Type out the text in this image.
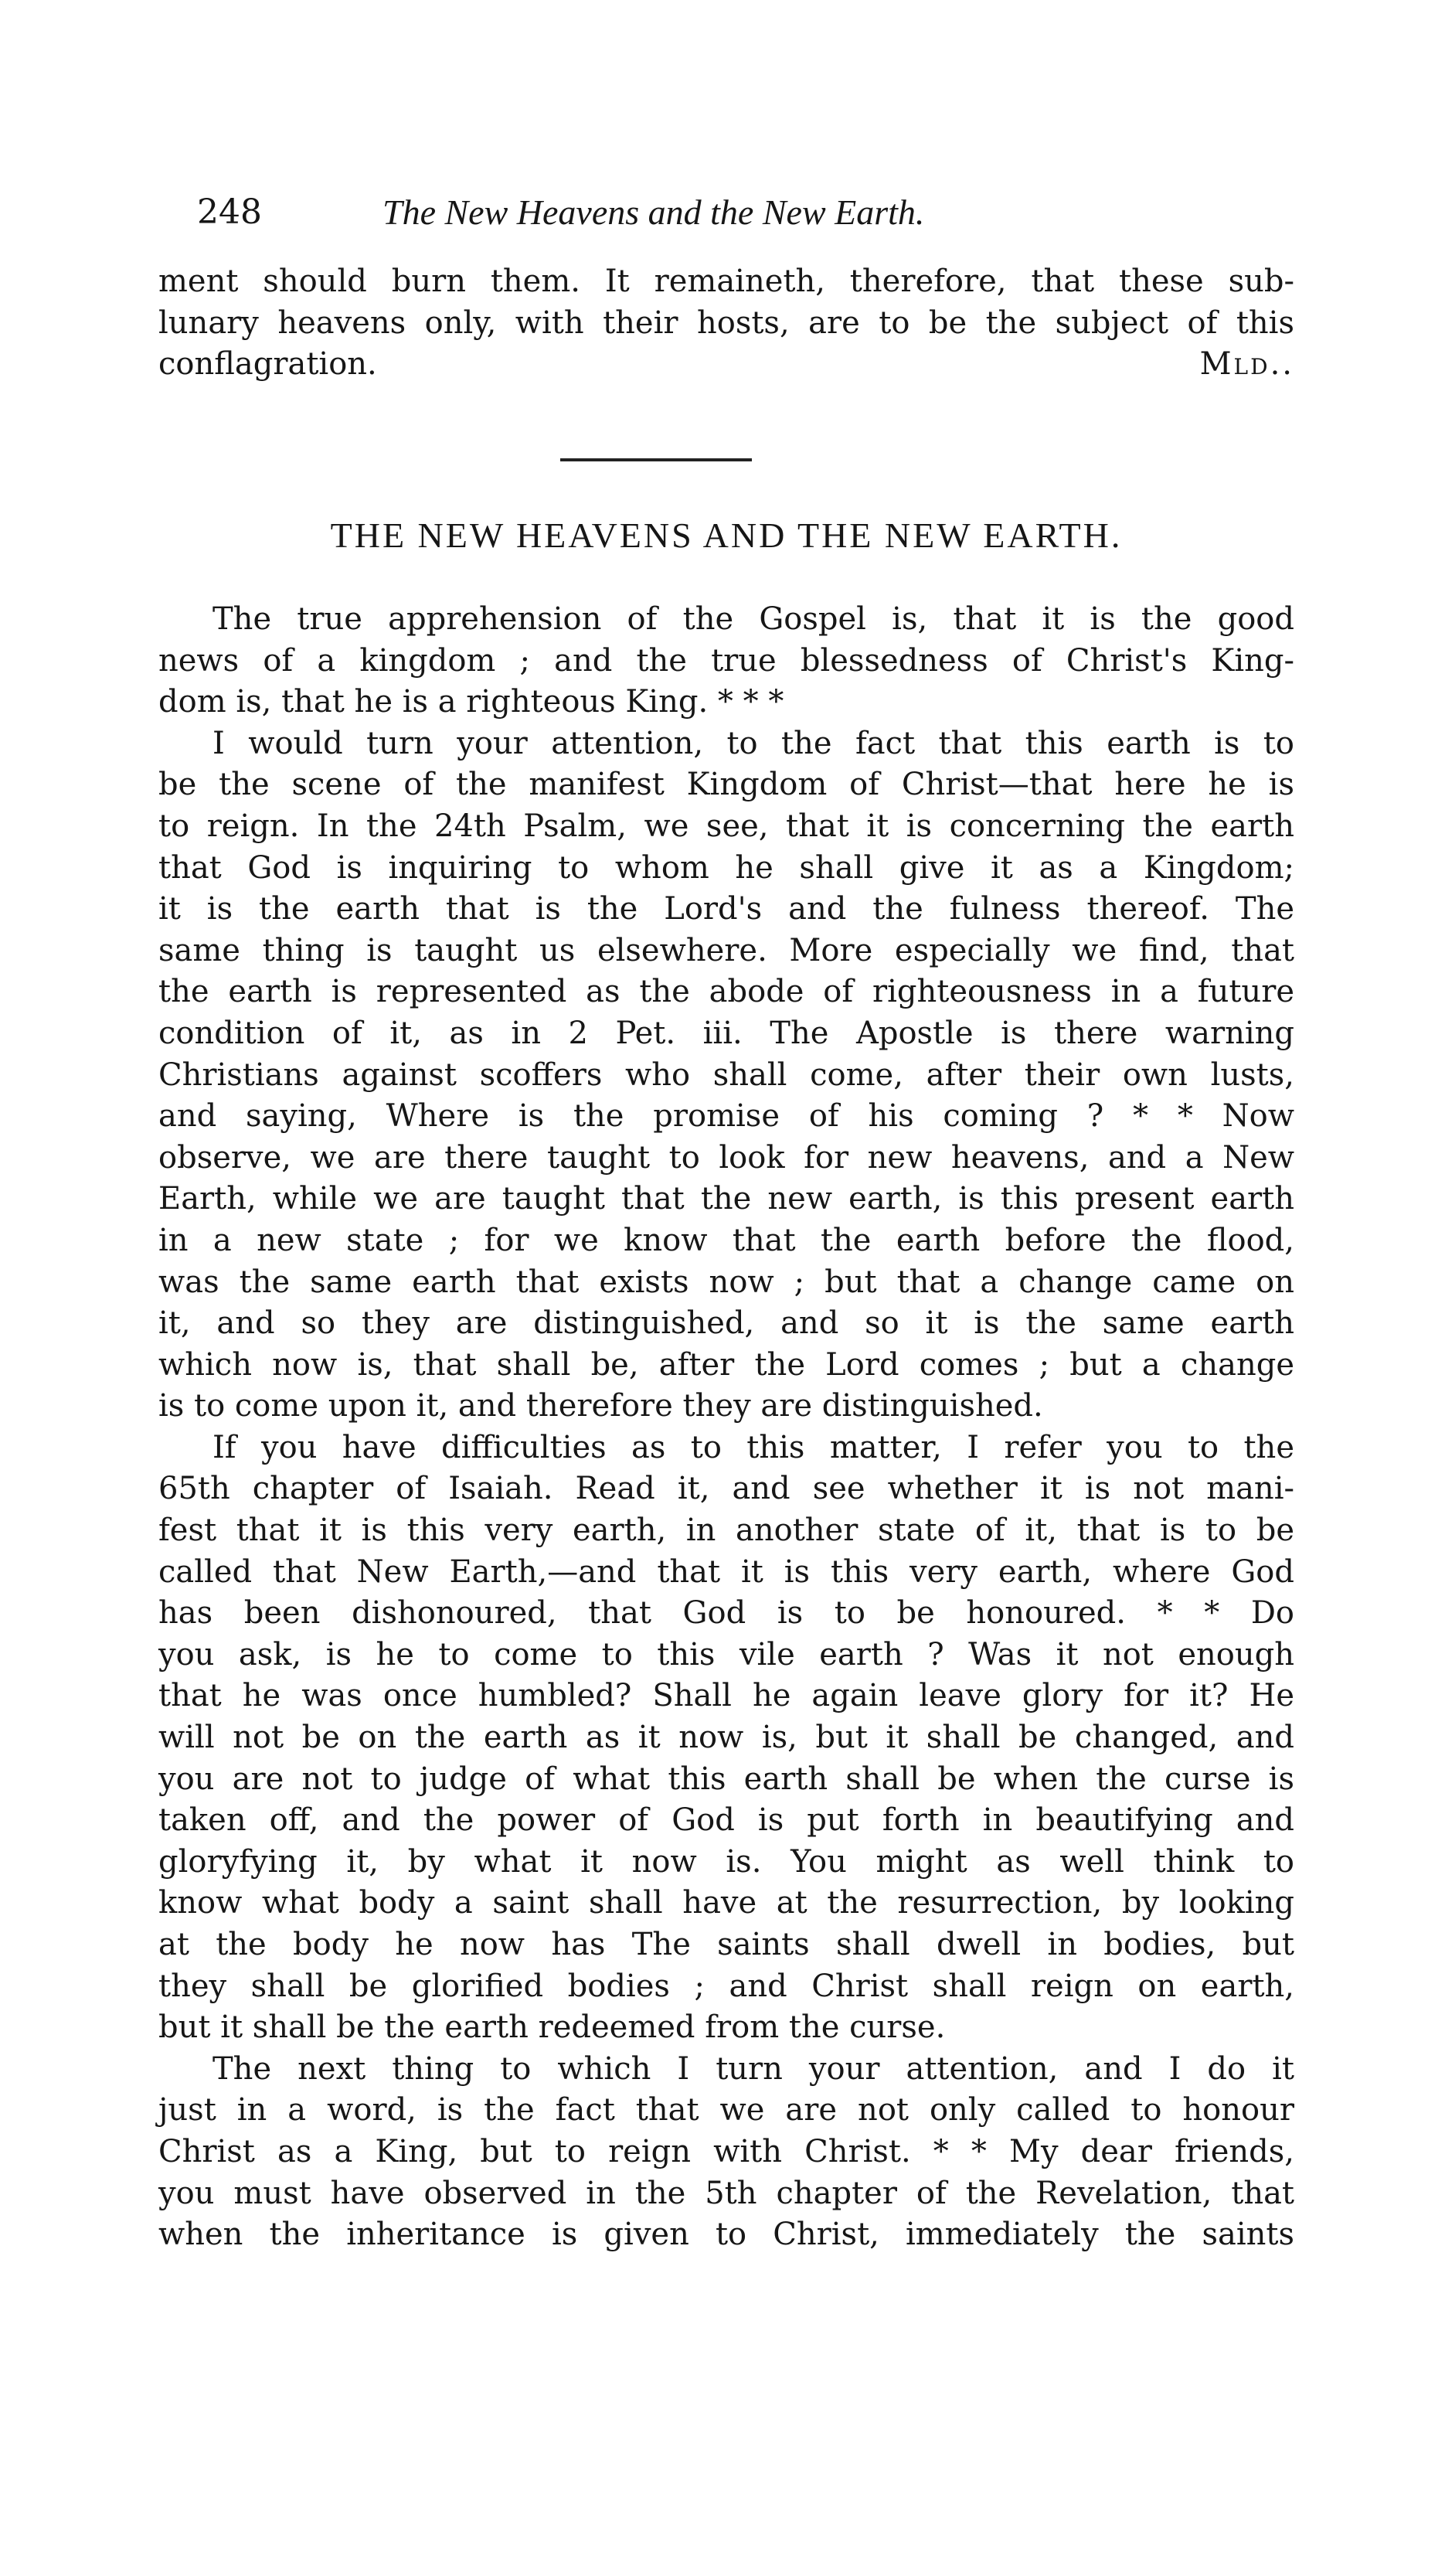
248	The New Heavens and the New Earth.
ment should burn them. It remaineth, therefore, that these sub-
lunary heavens only, with their hosts, are to be the subject of this
conflagration.	Mld..
THE NEW HEAVENS AND THE NEW EARTH.
The true apprehension of the Gospel is, that it is the good
news of a kingdom ; and the true blessedness of Christ's King-
dom is, that he is a righteous King. * * *
I would turn your attention, to the fact that this earth is to
be the scene of the manifest Kingdom of Christ—that here he is
to reign. In the 24th Psalm, we see, that it is concerning the earth
that God is inquiring to whom he shall give it as a Kingdom;
it is the earth that is the Lord's and the fulness thereof. The
same thing is taught us elsewhere. More especially we find, that
the earth is represented as the abode of righteousness in a future
condition of it, as in 2 Pet. iii. The Apostle is there warning
Christians against scoffers who shall come, after their own lusts,
and saying, Where is the promise of his coming ? * * Now
observe, we are there taught to look for new heavens, and a New
Earth, while we are taught that the new earth, is this present earth
in a new state ; for we know that the earth before the flood,
was the same earth that exists now ; but that a change came on
it, and so they are distinguished, and so it is the same earth
which now is, that shall be, after the Lord comes ; but a change
is to come upon it, and therefore they are distinguished.
If you have difficulties as to this matter, I refer you to the
65th chapter of Isaiah. Read it, and see whether it is not mani-
fest that it is this very earth, in another state of it, that is to be
called that New Earth,—and that it is this very earth, where God
has been dishonoured, that God is to be honoured. * * Do
you ask, is he to come to this vile earth ? Was it not enough
that he was once humbled? Shall he again leave glory for it? He
will not be on the earth as it now is, but it shall be changed, and
you are not to judge of what this earth shall be when the curse is
taken off, and the power of God is put forth in beautifying and
gloryfying it, by what it now is. You might as well think to
know what body a saint shall have at the resurrection, by looking
at the body he now has The saints shall dwell in bodies, but
they shall be glorified bodies ; and Christ shall reign on earth,
but it shall be the earth redeemed from the curse.
The next thing to which I turn your attention, and I do it
just in a word, is the fact that we are not only called to honour
Christ as a King, but to reign with Christ. * * My dear friends,
you must have observed in the 5th chapter of the Revelation, that
when the inheritance is given to Christ, immediately the saints
